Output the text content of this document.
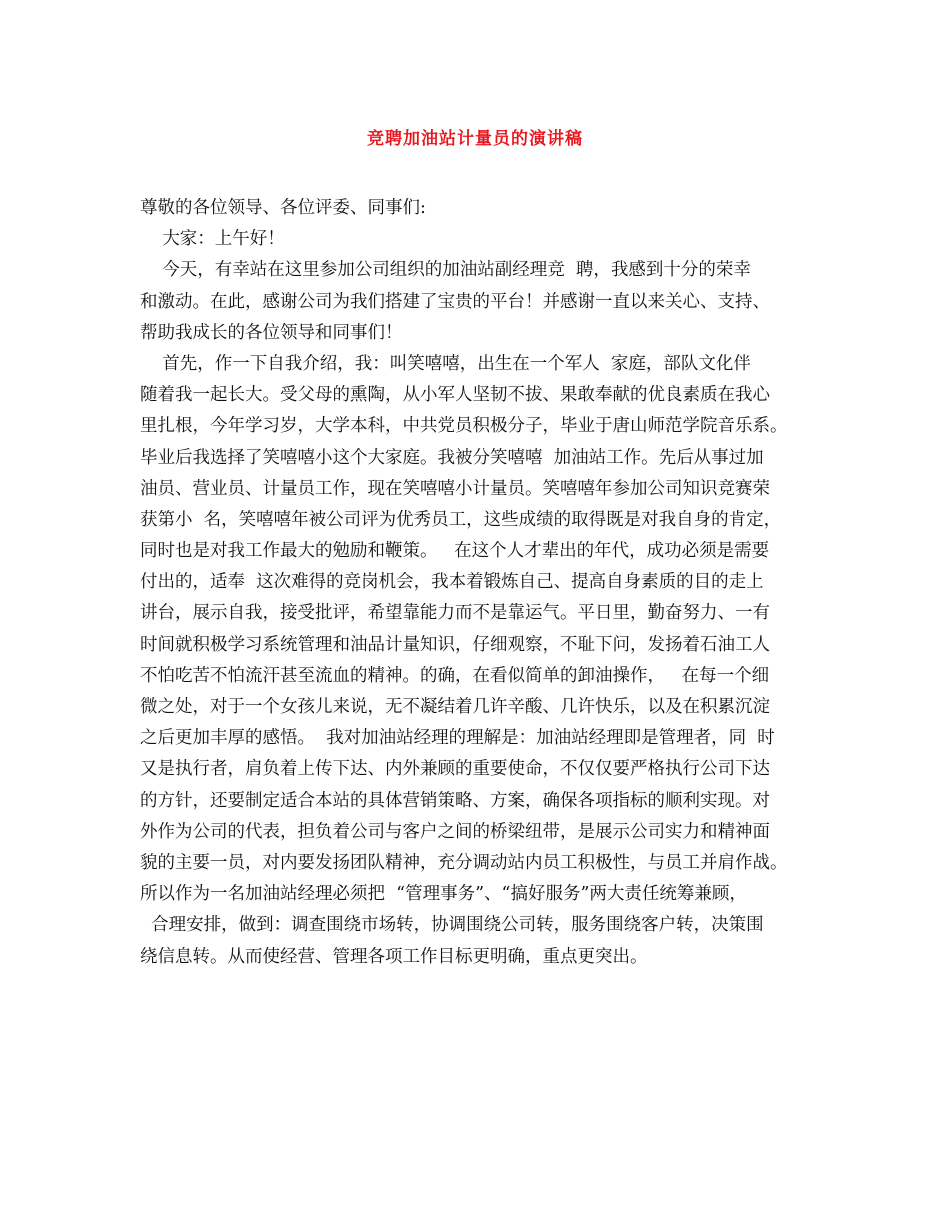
竞聘加油站计量员的演讲稿

尊敬的各位领导、各位评委、同事们:

大家：上午好！

今天，有幸站在这里参加公司组织的加油站副经理竞  聘，我感到十分的荣幸

和激动。在此，感谢公司为我们搭建了宝贵的平台！并感谢一直以来关心、支持、

帮助我成长的各位领导和同事们！

首先，作一下自我介绍，我：叫笑嘻嘻，出生在一个军人  家庭，部队文化伴

随着我一起长大。受父母的熏陶，从小军人坚韧不拔、果敢奉献的优良素质在我心

里扎根，今年学习岁，大学本科，中共党员积极分子，毕业于唐山师范学院音乐系。

毕业后我选择了笑嘻嘻小这个大家庭。我被分笑嘻嘻  加油站工作。先后从事过加

油员、营业员、计量员工作，现在笑嘻嘻小计量员。笑嘻嘻年参加公司知识竞赛荣

获第小  名，笑嘻嘻年被公司评为优秀员工，这些成绩的取得既是对我自身的肯定，

同时也是对我工作最大的勉励和鞭策。   在这个人才辈出的年代，成功必须是需要

付出的，适奉  这次难得的竞岗机会，我本着锻炼自己、提高自身素质的目的走上

讲台，展示自我，接受批评，希望靠能力而不是靠运气。平日里，勤奋努力、一有

时间就积极学习系统管理和油品计量知识，仔细观察，不耻下问，发扬着石油工人

不怕吃苦不怕流汗甚至流血的精神。的确，在看似简单的卸油操作，   在每一个细

微之处，对于一个女孩儿来说，无不凝结着几许辛酸、几许快乐，以及在积累沉淀

之后更加丰厚的感悟。  我对加油站经理的理解是：加油站经理即是管理者，同  时

又是执行者，肩负着上传下达、内外兼顾的重要使命，不仅仅要严格执行公司下达

的方针，还要制定适合本站的具体营销策略、方案，确保各项指标的顺利实现。对

外作为公司的代表，担负着公司与客户之间的桥梁纽带，是展示公司实力和精神面

貌的主要一员，对内要发扬团队精神，充分调动站内员工积极性，与员工并肩作战。

所以作为一名加油站经理必须把  “管理事务”、“搞好服务”两大责任统筹兼顾，

合理安排，做到：调查围绕市场转，协调围绕公司转，服务围绕客户转，决策围

绕信息转。从而使经营、管理各项工作目标更明确，重点更突出。
